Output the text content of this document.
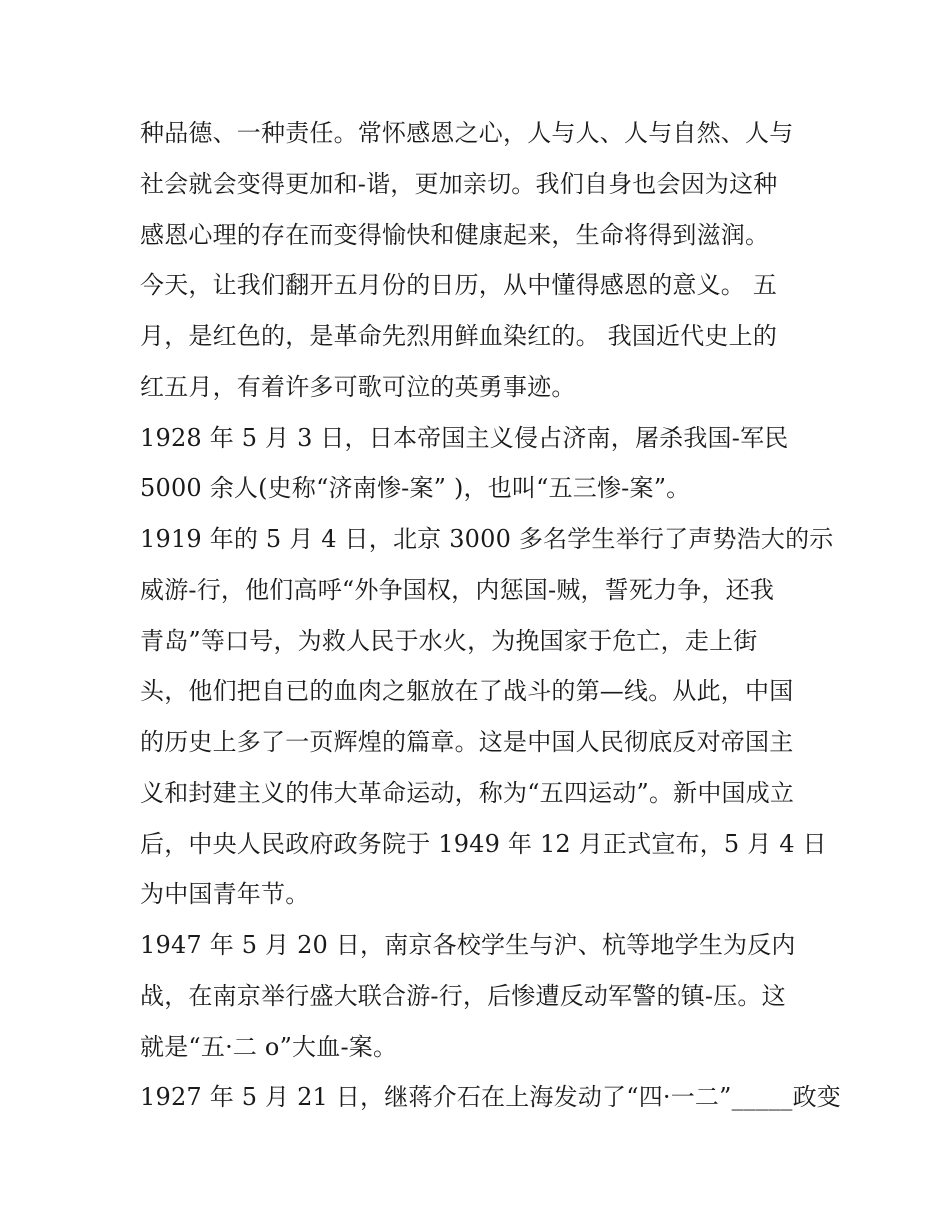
种品德、一种责任。常怀感恩之心，人与人、人与自然、人与
社会就会变得更加和-谐，更加亲切。我们自身也会因为这种
感恩心理的存在而变得愉快和健康起来，生命将得到滋润。
今天，让我们翻开五月份的日历，从中懂得感恩的意义。 五
月，是红色的，是革命先烈用鲜血染红的。 我国近代史上的
红五月，有着许多可歌可泣的英勇事迹。
1928 年 5 月 3 日，日本帝国主义侵占济南，屠杀我国-军民
5000 余人(史称“济南惨-案” )，也叫“五三惨-案”。
1919 年的 5 月 4 日，北京 3000 多名学生举行了声势浩大的示
威游-行，他们高呼“外争国权，内惩国-贼，誓死力争，还我
青岛”等口号，为救人民于水火，为挽国家于危亡，走上街
头，他们把自已的血肉之躯放在了战斗的第—线。从此，中国
的历史上多了一页辉煌的篇章。这是中国人民彻底反对帝国主
义和封建主义的伟大革命运动，称为“五四运动”。新中国成立
后，中央人民政府政务院于 1949 年 12 月正式宣布，5 月 4 日
为中国青年节。
1947 年 5 月 20 日，南京各校学生与沪、杭等地学生为反内
战，在南京举行盛大联合游-行，后惨遭反动军警的镇-压。这
就是“五·二 o”大血-案。
1927 年 5 月 21 日，继蒋介石在上海发动了“四·一二”_____政变
